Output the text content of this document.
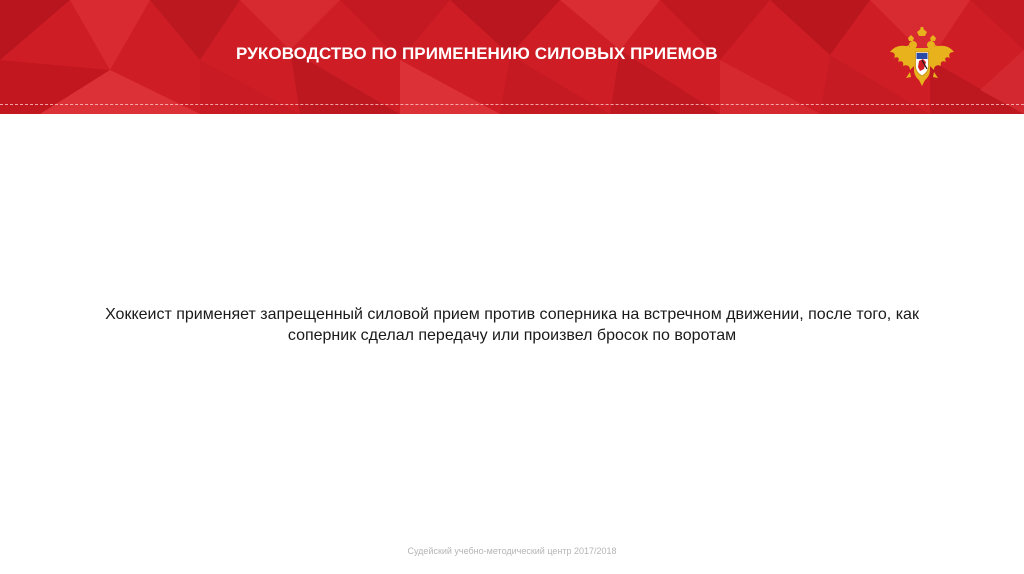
РУКОВОДСТВО ПО ПРИМЕНЕНИЮ СИЛОВЫХ ПРИЕМОВ
Хоккеист применяет запрещенный силовой прием против соперника на встречном движении, после того, как
соперник сделал передачу или произвел бросок по воротам
Судейский учебно-методический центр 2017/2018
